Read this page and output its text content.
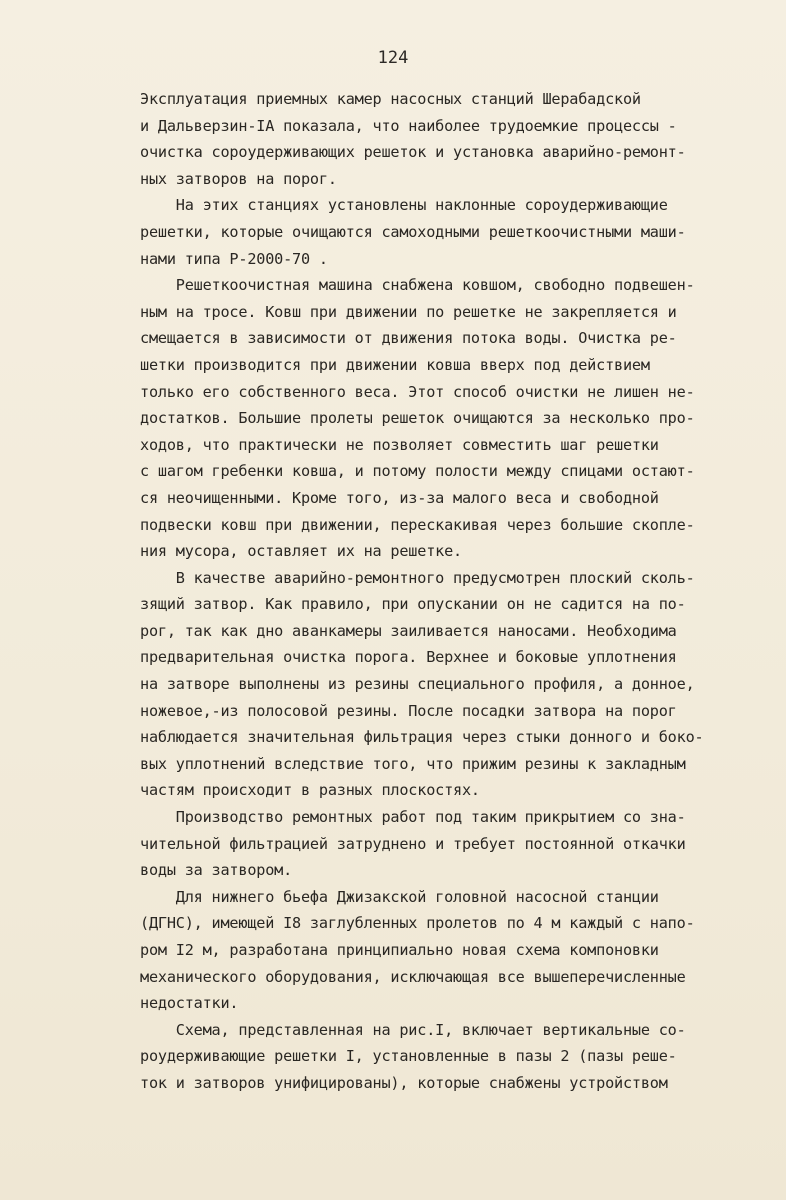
124
Эксплуатация приемных камер насосных станций Шерабадской
и Дальверзин-IA показала, что наиболее трудоемкие процессы -
очистка сороудерживающих решеток и установка аварийно-ремонт-
ных затворов на порог.
На этих станциях установлены наклонные сороудерживающие
решетки, которые очищаются самоходными решеткоочистными маши-
нами типа Р-2000-70 .
Решеткоочистная машина снабжена ковшом, свободно подвешен-
ным на тросе. Ковш при движении по решетке не закрепляется и
смещается в зависимости от движения потока воды. Очистка ре-
шетки производится при движении ковша вверх под действием
только его собственного веса. Этот способ очистки не лишен не-
достатков. Большие пролеты решеток очищаются за несколько про-
ходов, что практически не позволяет совместить шаг решетки
с шагом гребенки ковша, и потому полости между спицами остают-
ся неочищенными. Кроме того, из-за малого веса и свободной
подвески ковш при движении, перескакивая через большие скопле-
ния мусора, оставляет их на решетке.
В качестве аварийно-ремонтного предусмотрен плоский сколь-
зящий затвор. Как правило, при опускании он не садится на по-
рог, так как дно аванкамеры заиливается наносами. Необходима
предварительная очистка порога. Верхнее и боковые уплотнения
на затворе выполнены из резины специального профиля, а донное,
ножевое,-из полосовой резины. После посадки затвора на порог
наблюдается значительная фильтрация через стыки донного и боко-
вых уплотнений вследствие того, что прижим резины к закладным
частям происходит в разных плоскостях.
Производство ремонтных работ под таким прикрытием со зна-
чительной фильтрацией затруднено и требует постоянной откачки
воды за затвором.
Для нижнего бьефа Джизакской головной насосной станции
(ДГНС), имеющей I8 заглубленных пролетов по 4 м каждый с напо-
ром I2 м, разработана принципиально новая схема компоновки
механического оборудования, исключающая все вышеперечисленные
недостатки.
Схема, представленная на рис.I, включает вертикальные со-
роудерживающие решетки I, установленные в пазы 2 (пазы реше-
ток и затворов унифицированы), которые снабжены устройством
